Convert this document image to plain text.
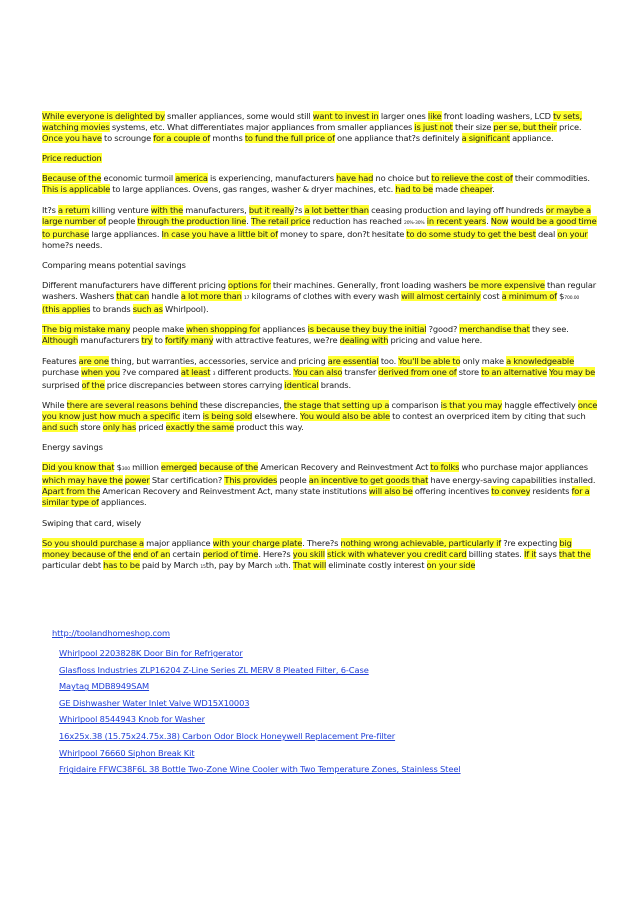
While everyone is delighted by smaller appliances, some would still want to invest in larger ones like front loading washers, LCD tv sets, watching movies systems, etc. What differentiates major appliances from smaller appliances is just not their size per se, but their price. Once you have to scrounge for a couple of months to fund the full price of one appliance that?s definitely a significant appliance.

Price reduction

Because of the economic turmoil america is experiencing, manufacturers have had no choice but to relieve the cost of their commodities. This is applicable to large appliances. Ovens, gas ranges, washer & dryer machines, etc. had to be made cheaper.

It?s a return killing venture with the manufacturers, but it really?s a lot better than ceasing production and laying off hundreds or maybe a large number of people through the production line. The retail price reduction has reached 20%-30% in recent years. Now would be a good time to purchase large appliances. In case you have a little bit of money to spare, don?t hesitate to do some study to get the best deal on your home?s needs.

Comparing means potential savings

Different manufacturers have different pricing options for their machines. Generally, front loading washers be more expensive than regular washers. Washers that can handle a lot more than 17 kilograms of clothes with every wash will almost certainly cost a minimum of $700.00 (this applies to brands such as Whirlpool).

The big mistake many people make when shopping for appliances is because they buy the initial ?good? merchandise that they see. Although manufacturers try to fortify many with attractive features, we?re dealing with pricing and value here.

Features are one thing, but warranties, accessories, service and pricing are essential too. You'll be able to only make a knowledgeable purchase when you ?ve compared at least 3 different products. You can also transfer derived from one of store to an alternative You may be surprised of the price discrepancies between stores carrying identical brands.

While there are several reasons behind these discrepancies, the stage that setting up a comparison is that you may haggle effectively once you know just how much a specific item is being sold elsewhere. You would also be able to contest an overpriced item by citing that such and such store only has priced exactly the same product this way.

Energy savings

Did you know that $300 million emerged because of the American Recovery and Reinvestment Act to folks who purchase major appliances which may have the power Star certification? This provides people an incentive to get goods that have energy-saving capabilities installed. Apart from the American Recovery and Reinvestment Act, many state institutions will also be offering incentives to convey residents for a similar type of appliances.

Swiping that card, wisely

So you should purchase a major appliance with your charge plate. There?s nothing wrong achievable, particularly if ?re expecting big money because of the end of an certain period of time. Here?s you skill stick with whatever you credit card billing states. If it says that the particular debt has to be paid by March 15th, pay by March 10th. That will eliminate costly interest on your side

http://toolandhomeshop.com
Whirlpool 2203828K Door Bin for Refrigerator
Glasfloss Industries ZLP16204 Z-Line Series ZL MERV 8 Pleated Filter, 6-Case
Maytag MDB8949SAM
GE Dishwasher Water Inlet Valve WD15X10003
Whirlpool 8544943 Knob for Washer
16x25x.38 (15.75x24.75x.38) Carbon Odor Block Honeywell Replacement Pre-filter
Whirlpool 76660 Siphon Break Kit
Frigidaire FFWC38F6L 38 Bottle Two-Zone Wine Cooler with Two Temperature Zones, Stainless Steel
